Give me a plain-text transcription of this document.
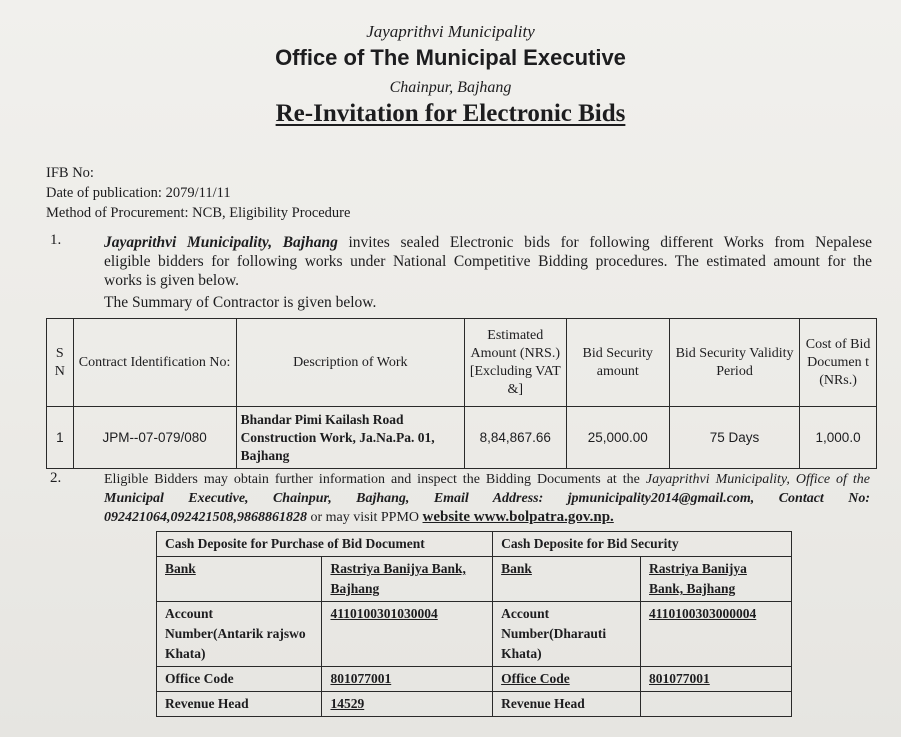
Jayaprithvi Municipality
Office of The Municipal Executive
Chainpur, Bajhang
Re-Invitation for Electronic Bids
IFB No:
Date of publication: 2079/11/11
Method of Procurement: NCB, Eligibility Procedure
1.	Jayaprithvi Municipality, Bajhang invites sealed Electronic bids for following different Works from Nepalese
eligible bidders for following works under National Competitive Bidding procedures. The estimated amount for the
works is given below.
The Summary of Contractor is given below.
S N	Contract Identification No:	Description of Work	Estimated Amount (NRS.) [Excluding VAT &]	Bid Security amount	Bid Security Validity Period	Cost of Bid Documen t (NRs.)
1	JPM--07-079/080	Bhandar Pimi Kailash Road Construction Work, Ja.Na.Pa. 01, Bajhang	8,84,867.66	25,000.00	75 Days	1,000.0
2.	Eligible Bidders may obtain further information and inspect the Bidding Documents at the Jayaprithvi Municipality, Office of the
Municipal Executive, Chainpur, Bajhang, Email Address: jpmunicipality2014@gmail.com, Contact No:
092421064,092421508,9868861828 or may visit PPMO website www.bolpatra.gov.np.
Cash Deposite for Purchase of Bid Document		Cash Deposite for Bid Security	
Bank	Rastriya Banijya Bank, Bajhang	Bank	Rastriya Banijya Bank, Bajhang
Account Number(Antarik rajswo Khata)	4110100301030004	Account Number(Dharauti Khata)	4110100303000004
Office Code	801077001	Office Code	801077001
Revenue Head	14529	Revenue Head	
